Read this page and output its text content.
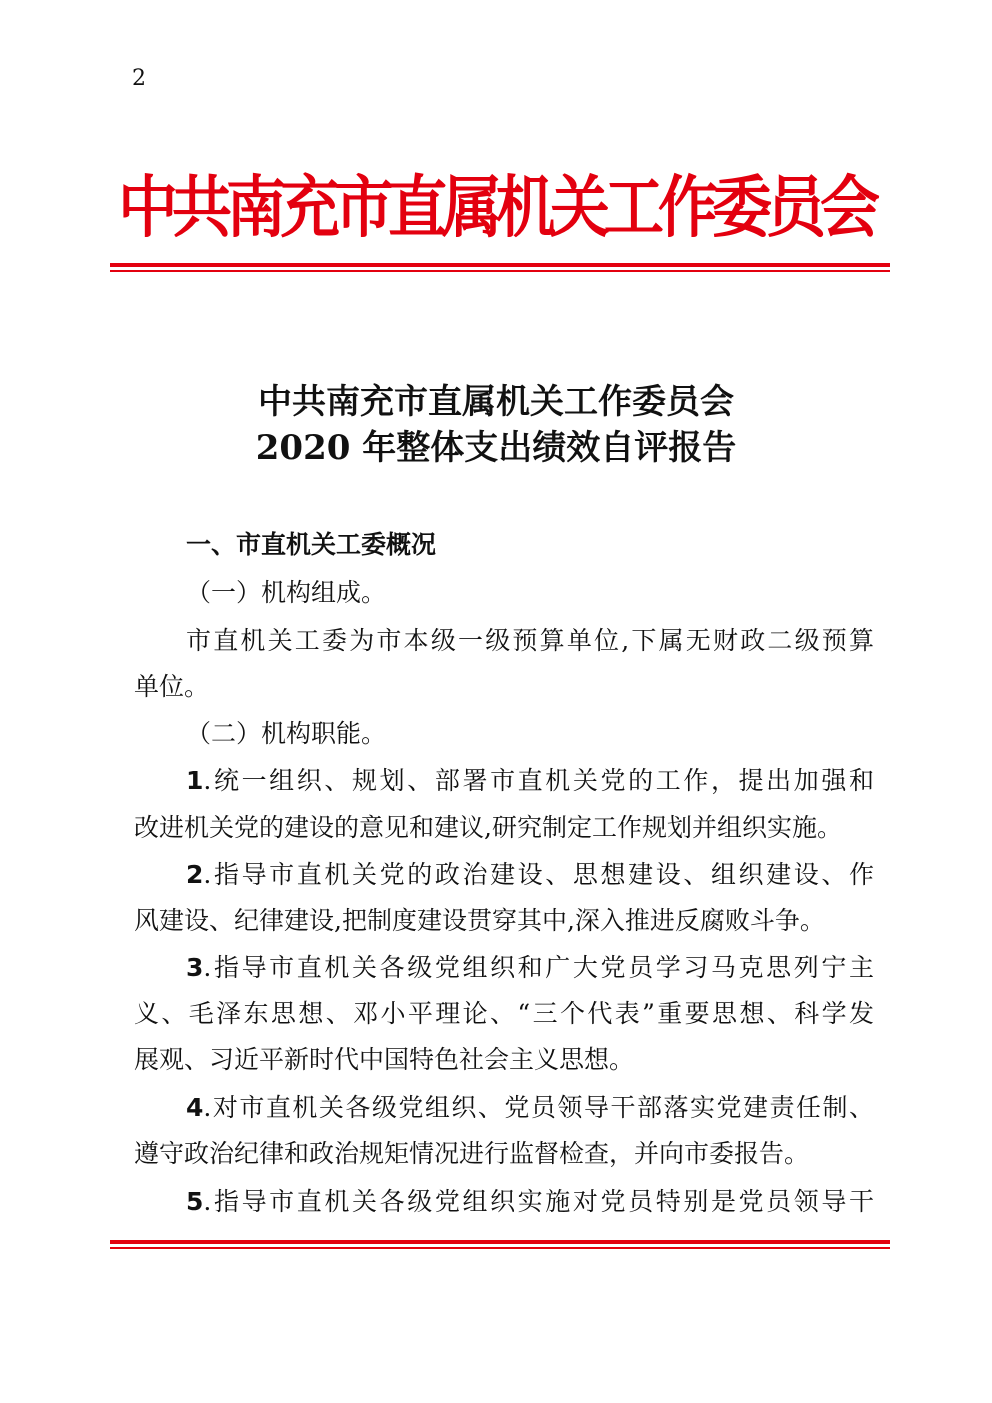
2
中共南充市直属机关工作委员会
中共南充市直属机关工作委员会
2020 年整体支出绩效自评报告
一、市直机关工委概况
（一）机构组成。
市直机关工委为市本级一级预算单位,下属无财政二级预算
单位。
（二）机构职能。
1.统一组织、规划、部署市直机关党的工作，提出加强和
改进机关党的建设的意见和建议,研究制定工作规划并组织实施。
2.指导市直机关党的政治建设、思想建设、组织建设、作
风建设、纪律建设,把制度建设贯穿其中,深入推进反腐败斗争。
3.指导市直机关各级党组织和广大党员学习马克思列宁主
义、毛泽东思想、邓小平理论、“三个代表”重要思想、科学发
展观、习近平新时代中国特色社会主义思想。
4.对市直机关各级党组织、党员领导干部落实党建责任制、
遵守政治纪律和政治规矩情况进行监督检查，并向市委报告。
5.指导市直机关各级党组织实施对党员特别是党员领导干
